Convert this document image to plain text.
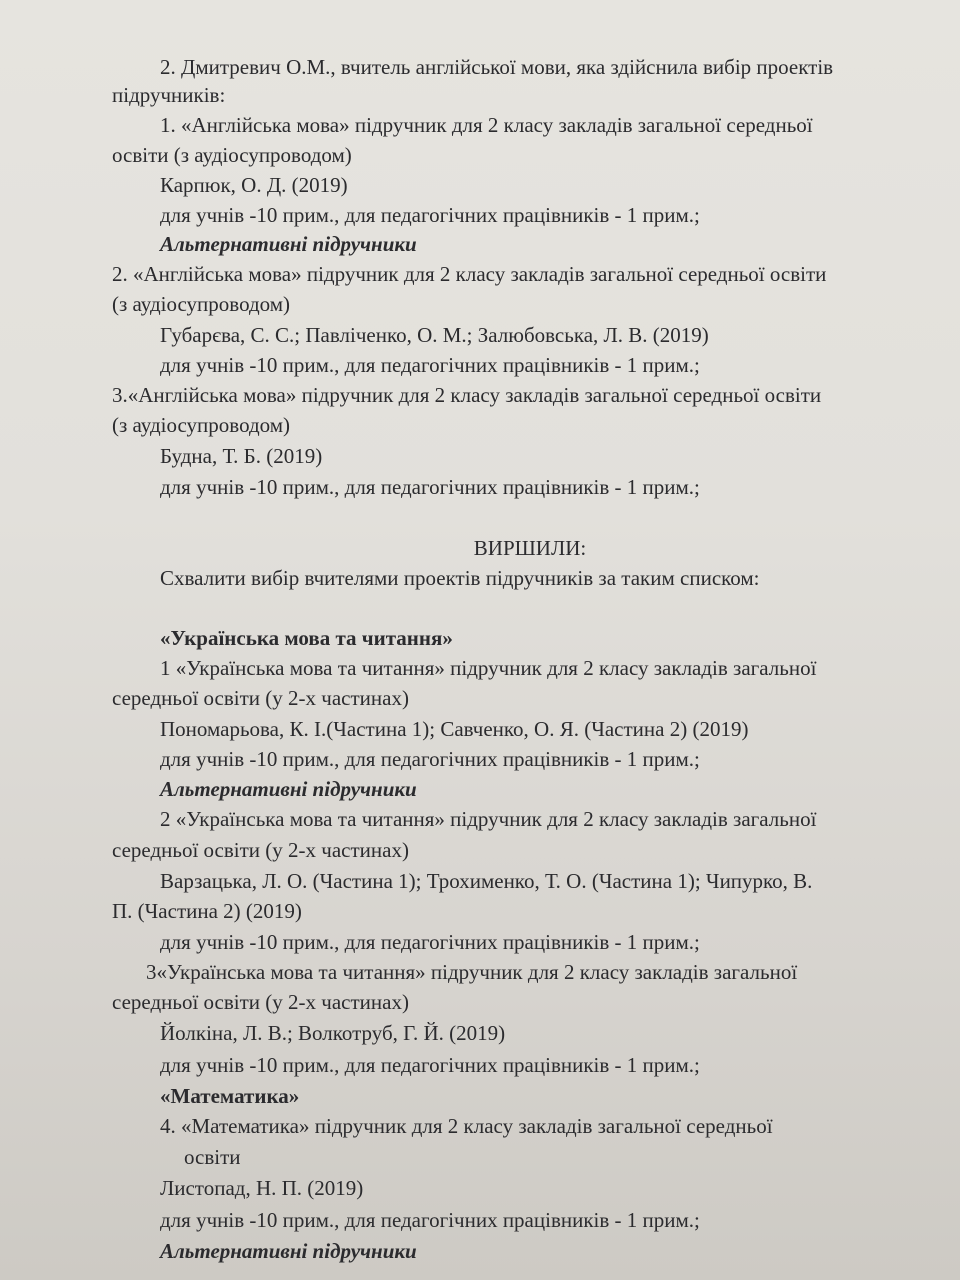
2. Дмитревич О.М., вчитель англійської мови, яка здійснила вибір проектів
підручників:
1. «Англійська мова» підручник для 2 класу закладів загальної середньої
освіти (з аудіосупроводом)
Карпюк, О. Д. (2019)
для учнів -10 прим., для педагогічних працівників - 1 прим.;
Альтернативні підручники
2. «Англійська мова» підручник для 2 класу закладів загальної середньої освіти
(з аудіосупроводом)
Губарєва, С. С.; Павліченко, О. М.; Залюбовська, Л. В. (2019)
для учнів -10 прим., для педагогічних працівників - 1 прим.;
3.«Англійська мова» підручник для 2 класу закладів загальної середньої освіти
(з аудіосупроводом)
Будна, Т. Б. (2019)
для учнів -10 прим., для педагогічних працівників - 1 прим.;
ВИРШИЛИ:
Схвалити вибір вчителями проектів підручників за таким списком:
«Українська мова та читання»
1 «Українська мова та читання» підручник для 2 класу закладів загальної
середньої освіти (у 2-х частинах)
Пономарьова, К. І.(Частина 1); Савченко, О. Я. (Частина 2) (2019)
для учнів -10 прим., для педагогічних працівників - 1 прим.;
Альтернативні підручники
2 «Українська мова та читання» підручник для 2 класу закладів загальної
середньої освіти (у 2-х частинах)
Варзацька, Л. О. (Частина 1); Трохименко, Т. О. (Частина 1); Чипурко, В.
П. (Частина 2) (2019)
для учнів -10 прим., для педагогічних працівників - 1 прим.;
3«Українська мова та читання» підручник для 2 класу закладів загальної
середньої освіти (у 2-х частинах)
Йолкіна, Л. В.; Волкотруб, Г. Й. (2019)
для учнів -10 прим., для педагогічних працівників - 1 прим.;
«Математика»
4. «Математика» підручник для 2 класу закладів загальної середньої
освіти
Листопад, Н. П. (2019)
для учнів -10 прим., для педагогічних працівників - 1 прим.;
Альтернативні підручники
